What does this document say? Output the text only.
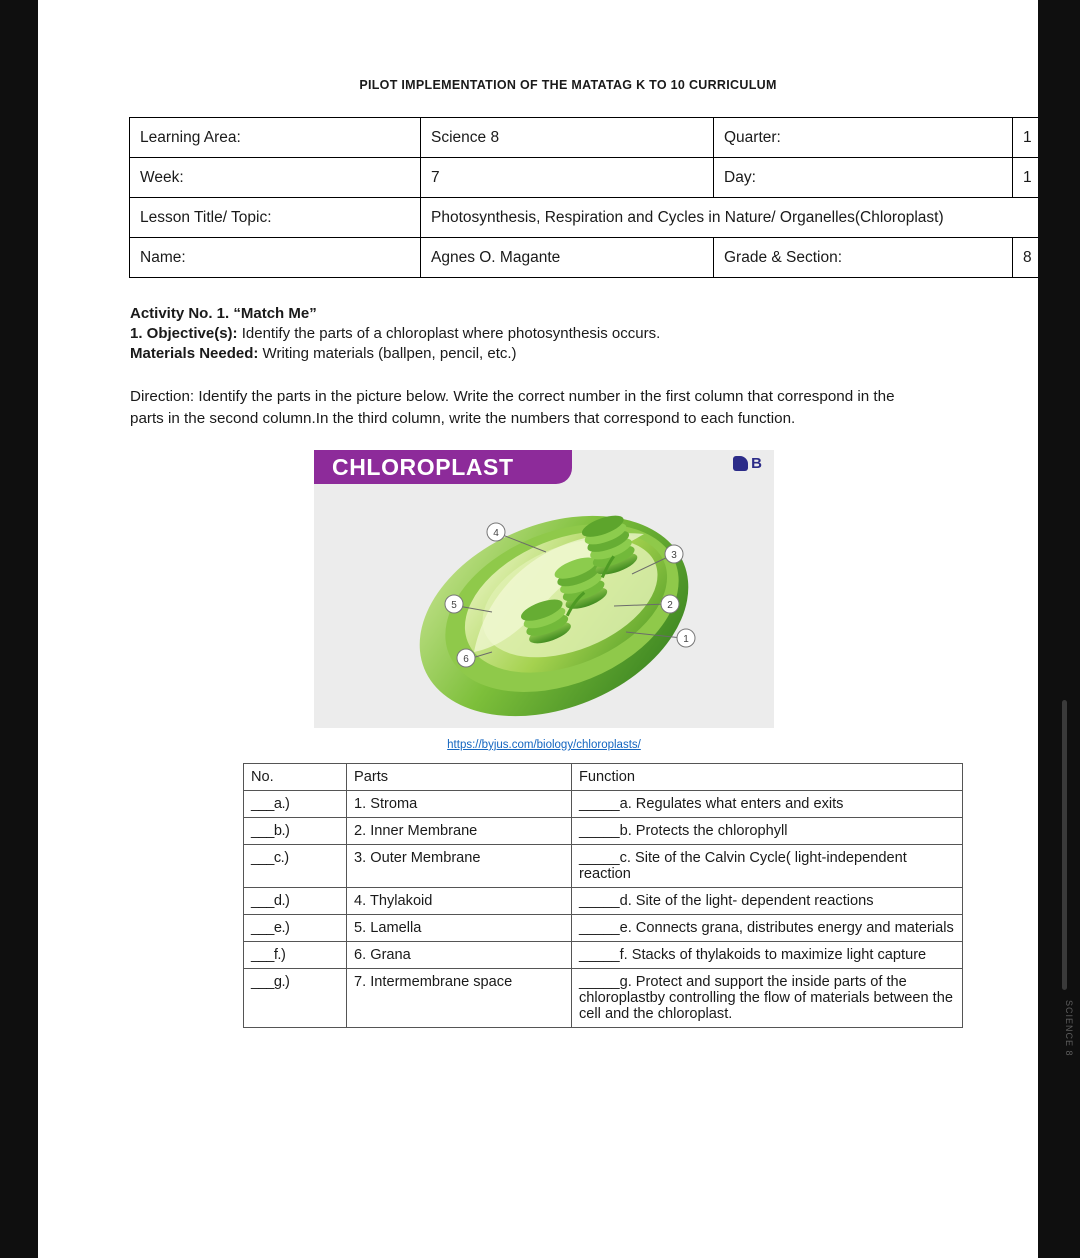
SCIENCE 8
PILOT IMPLEMENTATION OF THE MATATAG K TO 10 CURRICULUM
Learning Area:	Science 8	Quarter:	1
Week:	7	Day:	1
Lesson Title/ Topic:	Photosynthesis, Respiration and Cycles in Nature/ Organelles(Chloroplast)		
Name:	Agnes O. Magante	Grade & Section:	8
Activity No. 1. “Match Me”
1. Objective(s): Identify the parts of a chloroplast where photosynthesis occurs.
Materials Needed: Writing materials (ballpen, pencil, etc.)
Direction: Identify the parts in the picture below. Write the correct number in the first column that correspond in the parts in the second column.In the third column, write the numbers that correspond to each function.
CHLOROPLAST	B
4
3
2
1
5
6
https://byjus.com/biology/chloroplasts/
No.	Parts	Function
___a.)	1. Stroma	_____a. Regulates what enters and exits
___b.)	2. Inner Membrane	_____b. Protects the chlorophyll
___c.)	3. Outer Membrane	_____c. Site of the Calvin Cycle( light-independent reaction
___d.)	4. Thylakoid	_____d. Site of the light- dependent reactions
___e.)	5. Lamella	_____e. Connects grana, distributes energy and materials
___f.)	6. Grana	_____f. Stacks of thylakoids to maximize light capture
___g.)	7. Intermembrane space	_____g. Protect and support the inside parts of the chloroplastby controlling the flow of materials between the cell and the chloroplast.
